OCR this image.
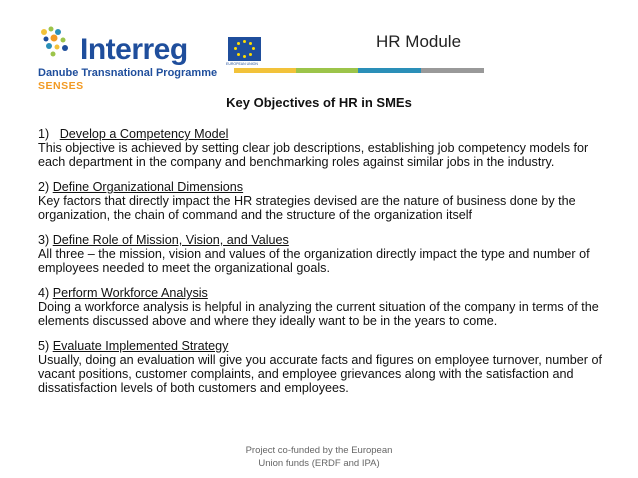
Interreg	EUROPEAN UNION
Danube Transnational Programme
SENSES
HR Module
Key Objectives of HR in SMEs
1) Develop a Competency Model
This objective is achieved by setting clear job descriptions, establishing job competency models for each department in the company and benchmarking roles against similar jobs in the industry.
2) Define Organizational Dimensions
Key factors that directly impact the HR strategies devised are the nature of business done by the organization, the chain of command and the structure of the organization itself
3) Define Role of Mission, Vision, and Values
All three – the mission, vision and values of the organization directly impact the type and number of employees needed to meet the organizational goals.
4) Perform Workforce Analysis
Doing a workforce analysis is helpful in analyzing the current situation of the company in terms of the elements discussed above and where they ideally want to be in the years to come.
5) Evaluate Implemented Strategy
Usually, doing an evaluation will give you accurate facts and figures on employee turnover, number of vacant positions, customer complaints, and employee grievances along with the satisfaction and dissatisfaction levels of both customers and employees.
Project co-funded by the European
Union funds (ERDF and IPA)
